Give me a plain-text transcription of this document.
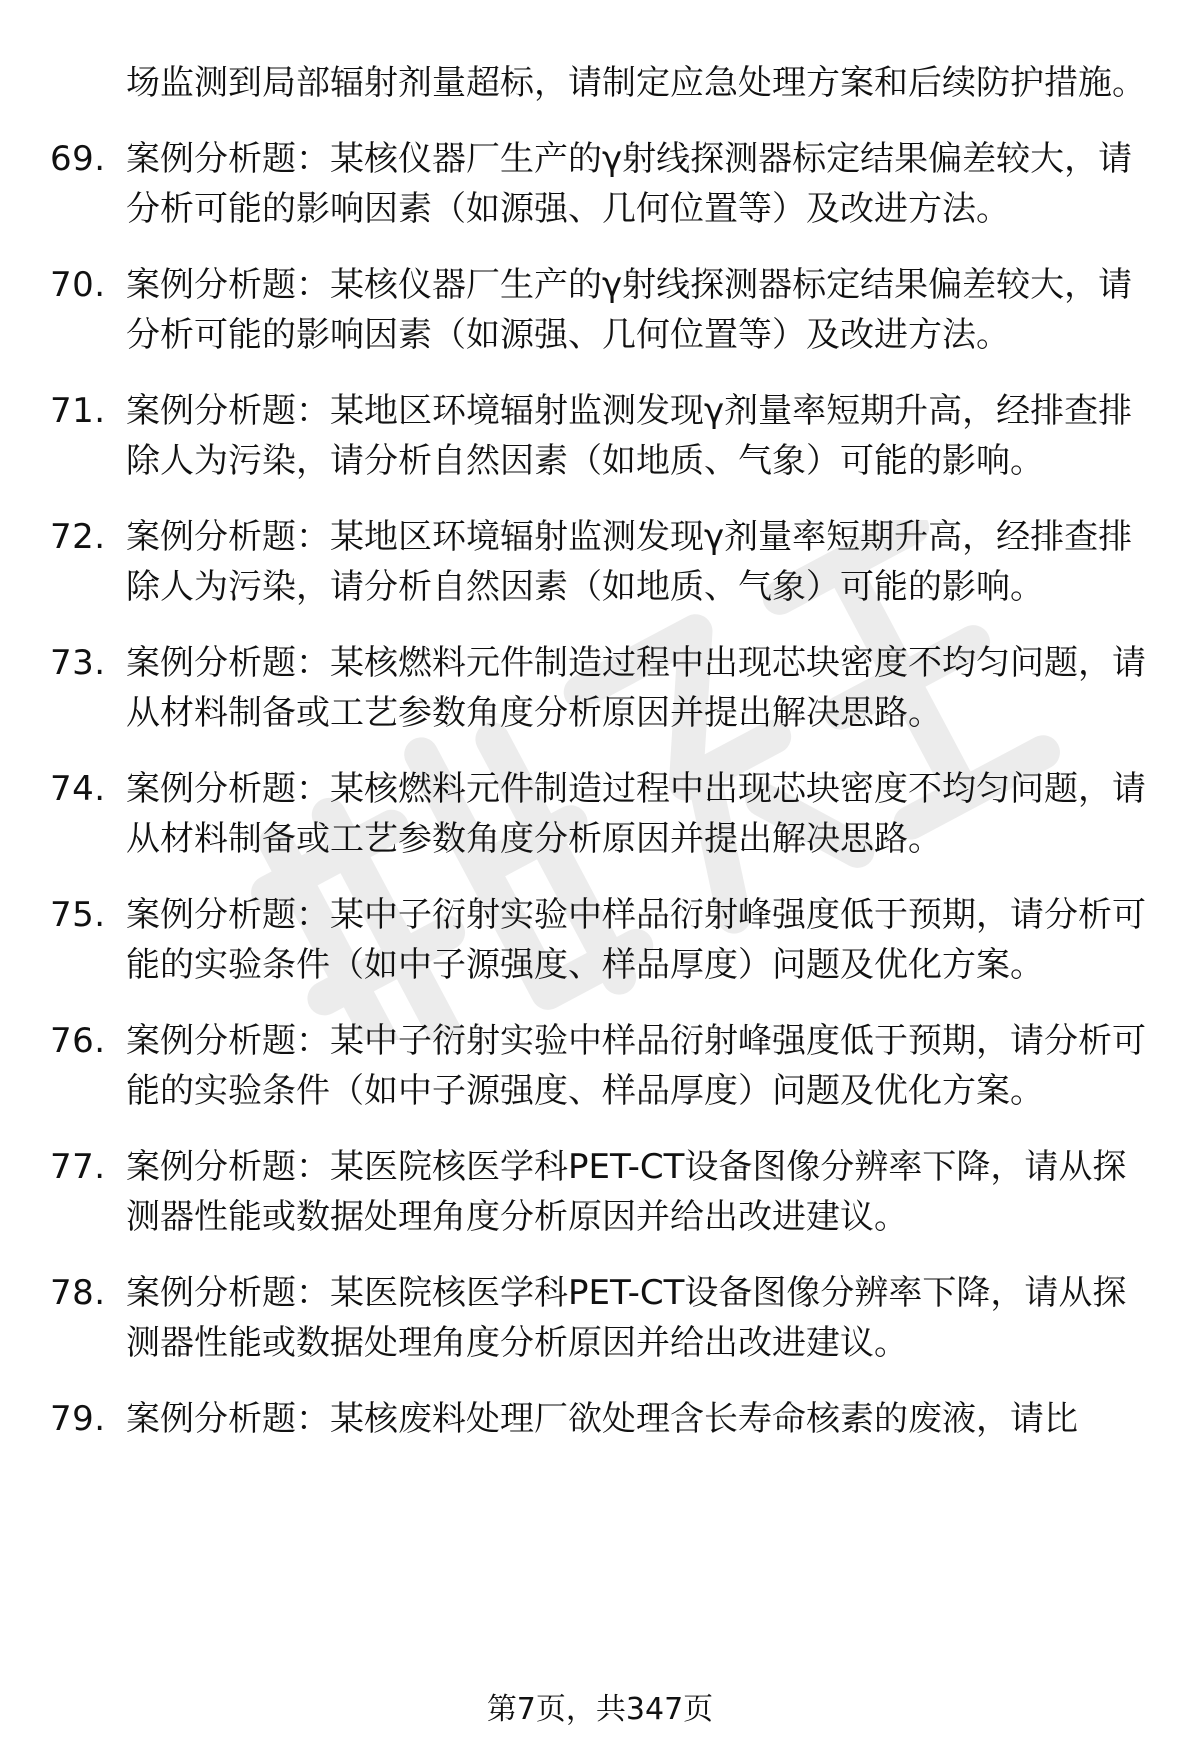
场监测到局部辐射剂量超标，请制定应急处理方案和后续防护措施。
69. 案例分析题：某核仪器厂生产的γ射线探测器标定结果偏差较大，请分析可能的影响因素（如源强、几何位置等）及改进方法。
70. 案例分析题：某核仪器厂生产的γ射线探测器标定结果偏差较大，请分析可能的影响因素（如源强、几何位置等）及改进方法。
71. 案例分析题：某地区环境辐射监测发现γ剂量率短期升高，经排查排除人为污染，请分析自然因素（如地质、气象）可能的影响。
72. 案例分析题：某地区环境辐射监测发现γ剂量率短期升高，经排查排除人为污染，请分析自然因素（如地质、气象）可能的影响。
73. 案例分析题：某核燃料元件制造过程中出现芯块密度不均匀问题，请从材料制备或工艺参数角度分析原因并提出解决思路。
74. 案例分析题：某核燃料元件制造过程中出现芯块密度不均匀问题，请从材料制备或工艺参数角度分析原因并提出解决思路。
75. 案例分析题：某中子衍射实验中样品衍射峰强度低于预期，请分析可能的实验条件（如中子源强度、样品厚度）问题及优化方案。
76. 案例分析题：某中子衍射实验中样品衍射峰强度低于预期，请分析可能的实验条件（如中子源强度、样品厚度）问题及优化方案。
77. 案例分析题：某医院核医学科PET-CT设备图像分辨率下降，请从探测器性能或数据处理角度分析原因并给出改进建议。
78. 案例分析题：某医院核医学科PET-CT设备图像分辨率下降，请从探测器性能或数据处理角度分析原因并给出改进建议。
79. 案例分析题：某核废料处理厂欲处理含长寿命核素的废液，请比
第7页，共347页
